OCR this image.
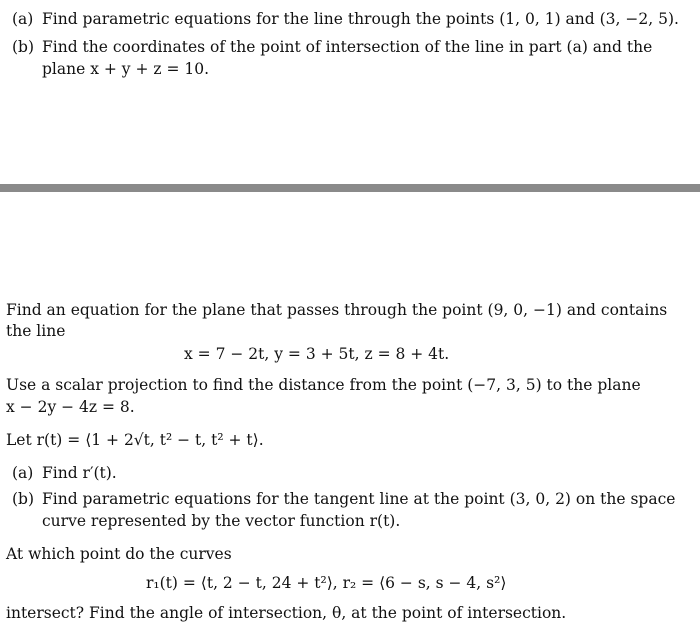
(a) Find parametric equations for the line through the points (1, 0, 1) and (3, −2, 5).
(b) Find the coordinates of the point of intersection of the line in part (a) and the
plane x + y + z = 10.
Find an equation for the plane that passes through the point (9, 0, −1) and contains
the line
x = 7 − 2t, y = 3 + 5t, z = 8 + 4t.
Use a scalar projection to find the distance from the point (−7, 3, 5) to the plane
x − 2y − 4z = 8.
Let r(t) = ⟨1 + 2√t, t² − t, t² + t⟩.
(a) Find r′(t).
(b) Find parametric equations for the tangent line at the point (3, 0, 2) on the space
curve represented by the vector function r(t).
At which point do the curves
r₁(t) = ⟨t, 2 − t, 24 + t²⟩, r₂ = ⟨6 − s, s − 4, s²⟩
intersect? Find the angle of intersection, θ, at the point of intersection.
